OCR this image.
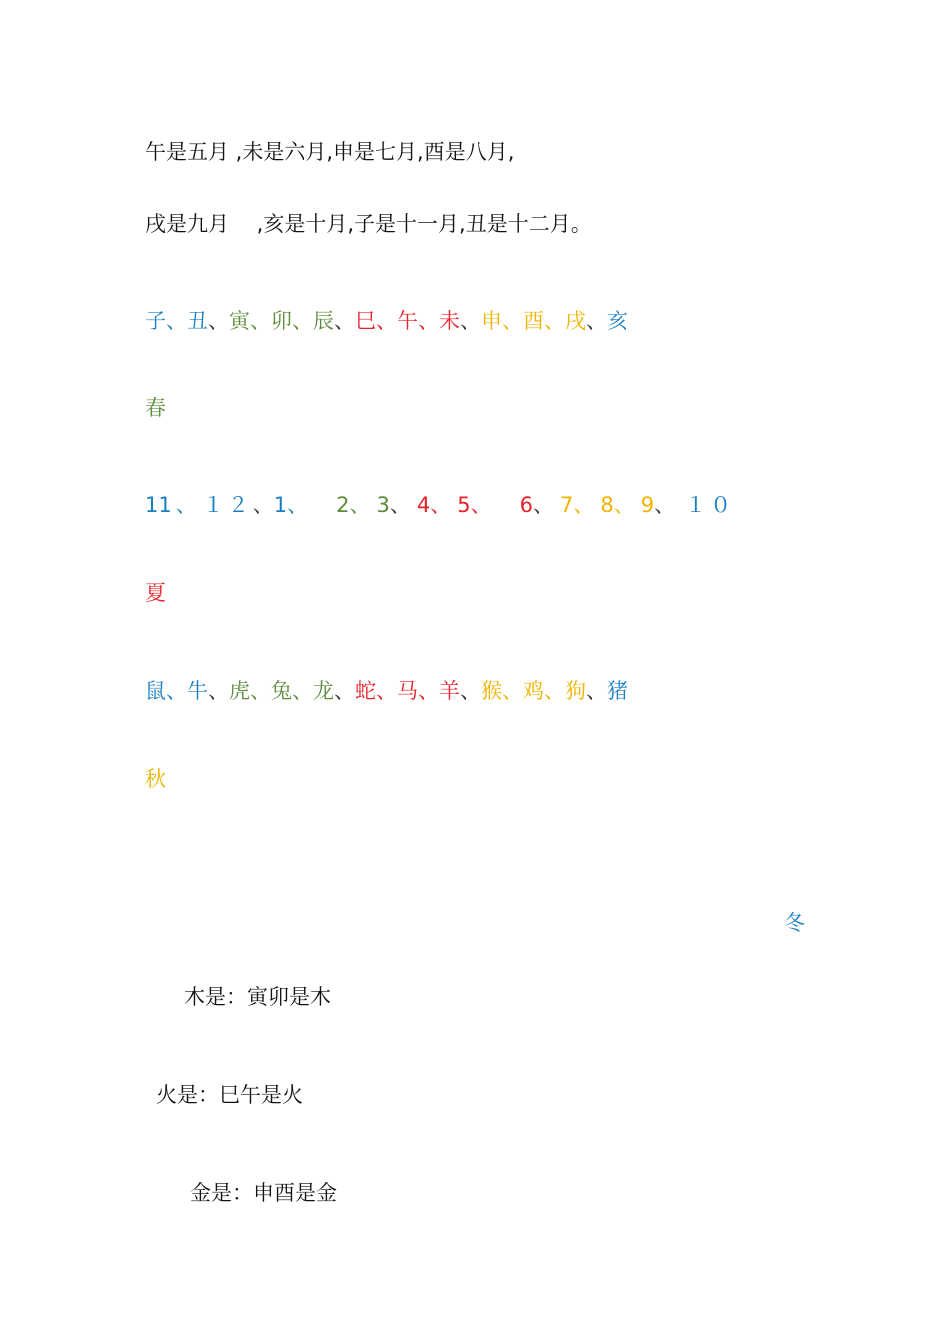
午是五月 ,未是六月,申是七月,酉是八月,
戌是九月　 ,亥是十月,子是十一月,丑是十二月。
子、丑、寅、卯、辰、巳、午、未、申、酉、戌、亥
春
11 、 １２、1、 2、 3、 4、 5、 6、 7、 8、 9、 １０
夏
鼠、牛、虎、兔、龙、蛇、马、羊、猴、鸡、狗、猪
秋
冬
木是：寅卯是木
火是：巳午是火
金是：申酉是金
